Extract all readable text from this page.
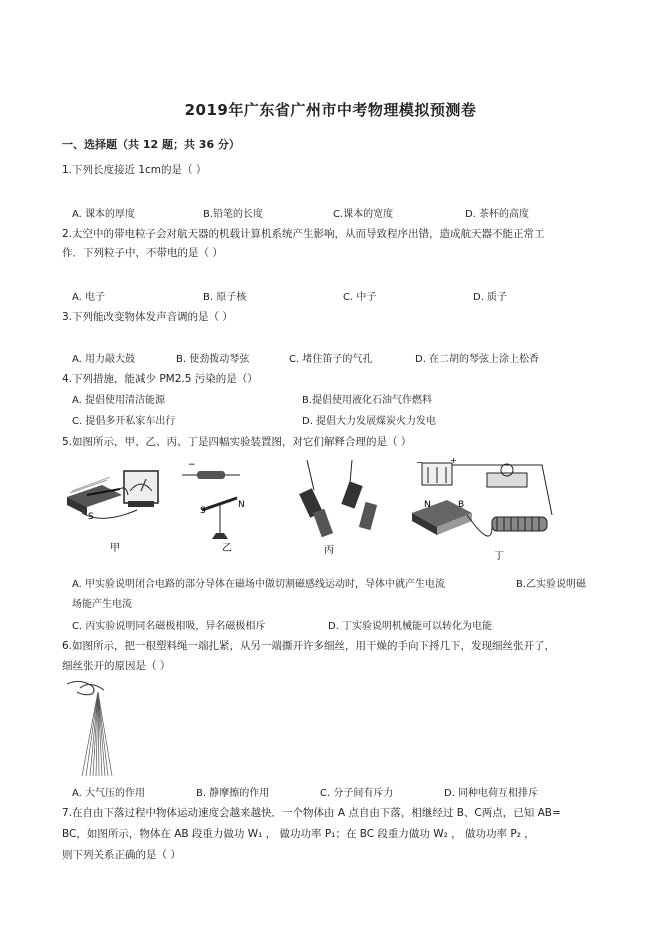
2019年广东省广州市中考物理模拟预测卷
一、选择题（共 12 题；共 36 分）
1.下列长度接近 1cm的是（ ）
A. 课本的厚度	B.铅笔的长度	C.课本的宽度	D. 茶杯的高度
2.太空中的带电粒子会对航天器的机载计算机系统产生影响，从而导致程序出错，造成航天器不能正常工
作．下列粒子中，不带电的是（ ）
A. 电子	B. 原子核	C. 中子	D. 质子
3.下列能改变物体发声音调的是（ ）
A. 用力敲大鼓	B. 使劲拨动琴弦	C. 堵住笛子的气孔	D. 在二胡的琴弦上涂上松香
4.下列措施，能减少 PM2.5 污染的是（）
A. 提倡使用清洁能源	B.提倡使用液化石油气作燃料
C. 提倡多开私家车出行	D. 提倡大力发展煤炭火力发电
5.如图所示，甲、乙、丙、丁是四幅实验装置图，对它们解释合理的是（ ）
S
−
S
N
−	+
N	B
甲	乙	丙
丁
A. 甲实验说明闭合电路的部分导体在磁场中做切割磁感线运动时，导体中就产生电流	B.乙实验说明磁
场能产生电流
C. 丙实验说明同名磁极相吸，异名磁极相斥	D. 丁实验说明机械能可以转化为电能
6.如图所示，把一根塑料绳一端扎紧，从另一端撕开许多细丝，用干燥的手向下捋几下，发现细丝张开了，
细丝张开的原因是（ ）
A. 大气压的作用	B. 静摩擦的作用	C. 分子间有斥力	D. 同种电荷互相排斥
7.在自由下落过程中物体运动速度会越来越快．一个物体由 A 点自由下落，相继经过 B、C两点，已知 AB=
BC，如图所示，物体在 AB 段重力做功 W₁ ， 做功功率 P₁；在 BC 段重力做功 W₂ ， 做功功率 P₂ ，
则下列关系正确的是（ ）
